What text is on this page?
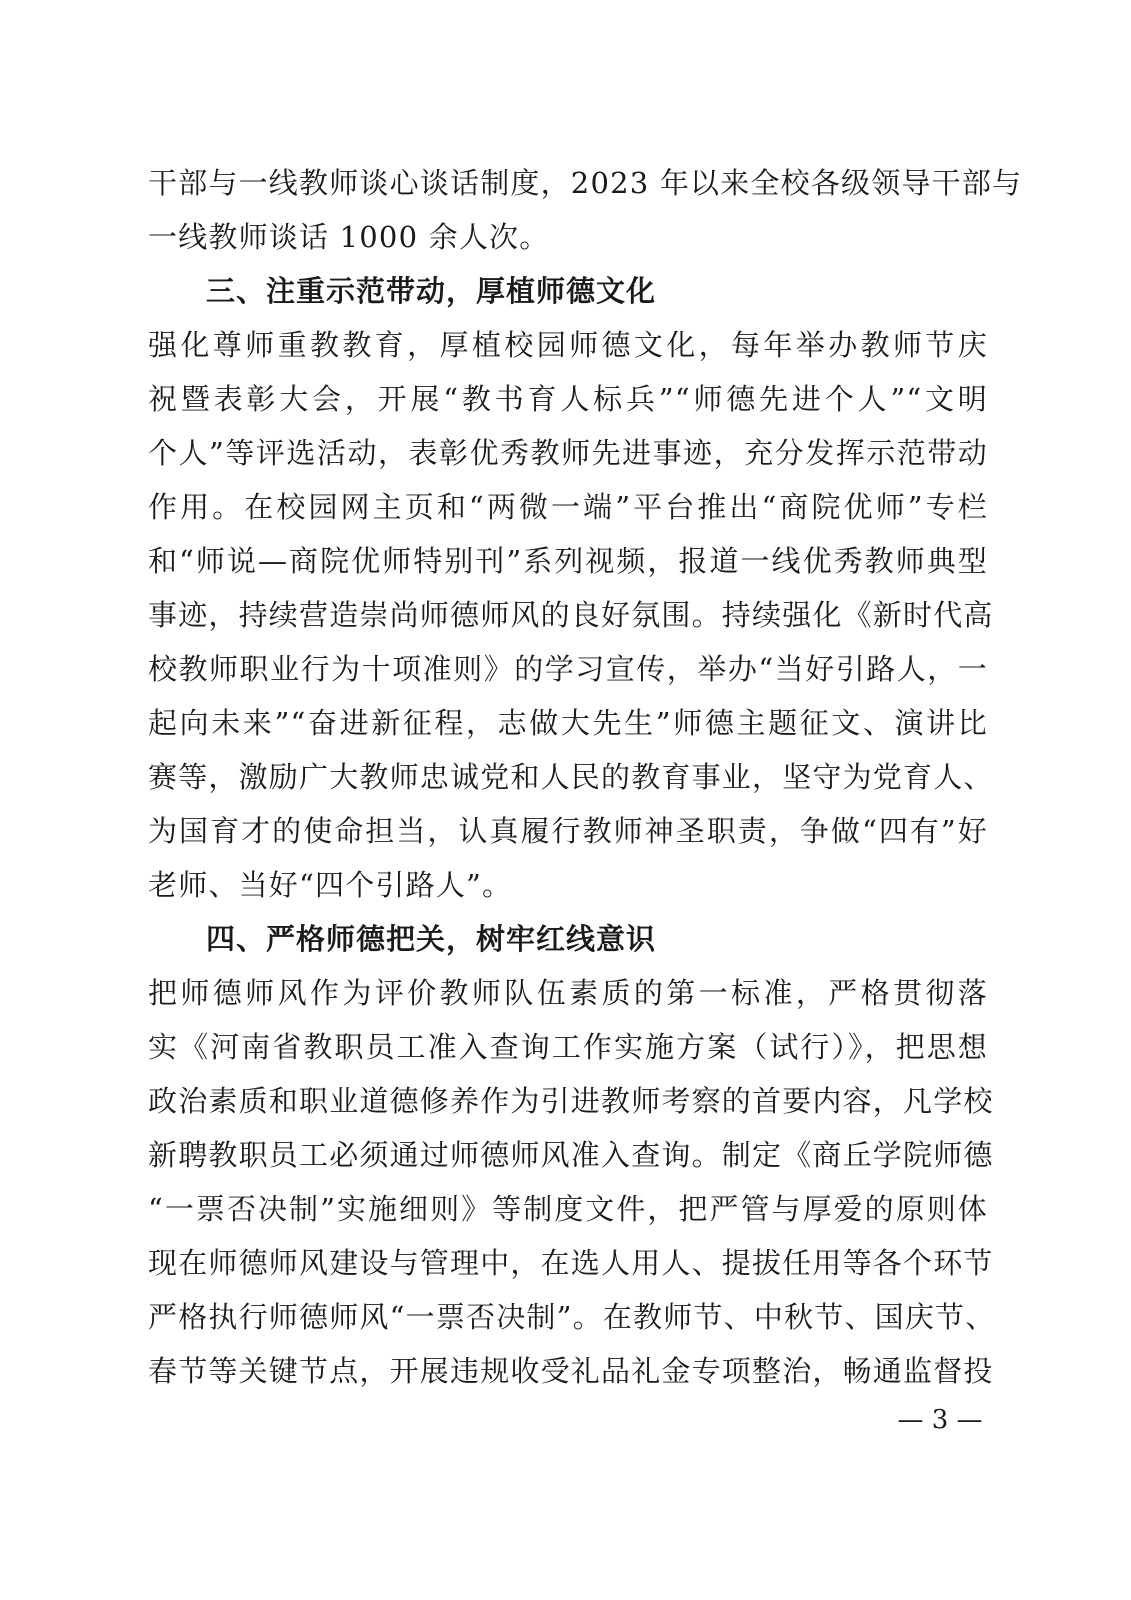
干部与一线教师谈心谈话制度，2023 年以来全校各级领导干部与
一线教师谈话 1000 余人次。
三、注重示范带动，厚植师德文化
强化尊师重教教育，厚植校园师德文化，每年举办教师节庆
祝暨表彰大会，开展“教书育人标兵”“师德先进个人”“文明
个人”等评选活动，表彰优秀教师先进事迹，充分发挥示范带动
作用。在校园网主页和“两微一端”平台推出“商院优师”专栏
和“师说—商院优师特别刊”系列视频，报道一线优秀教师典型
事迹，持续营造崇尚师德师风的良好氛围。持续强化《新时代高
校教师职业行为十项准则》的学习宣传，举办“当好引路人，一
起向未来”“奋进新征程，志做大先生”师德主题征文、演讲比
赛等，激励广大教师忠诚党和人民的教育事业，坚守为党育人、
为国育才的使命担当，认真履行教师神圣职责，争做“四有”好
老师、当好“四个引路人”。
四、严格师德把关，树牢红线意识
把师德师风作为评价教师队伍素质的第一标准，严格贯彻落
实《河南省教职员工准入查询工作实施方案（试行）》，把思想
政治素质和职业道德修养作为引进教师考察的首要内容，凡学校
新聘教职员工必须通过师德师风准入查询。制定《商丘学院师德
“一票否决制”实施细则》等制度文件，把严管与厚爱的原则体
现在师德师风建设与管理中，在选人用人、提拔任用等各个环节
严格执行师德师风“一票否决制”。在教师节、中秋节、国庆节、
春节等关键节点，开展违规收受礼品礼金专项整治，畅通监督投
— 3 —
